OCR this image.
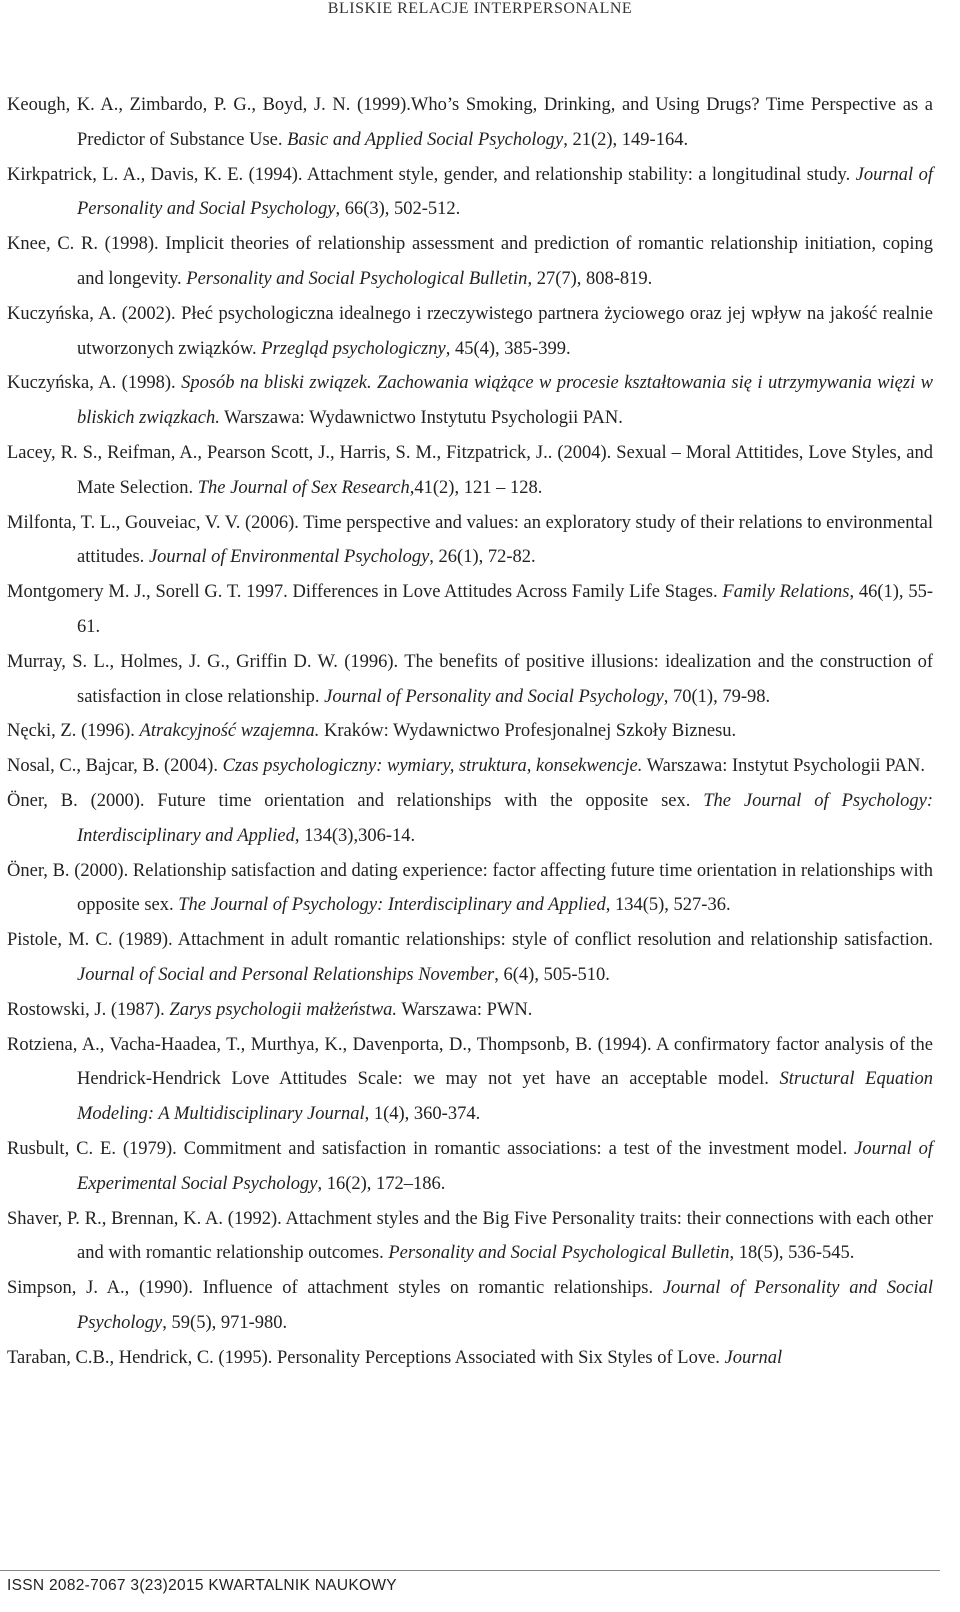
BLISKIE RELACJE INTERPERSONALNE

Keough, K. A., Zimbardo, P. G., Boyd, J. N. (1999).Who’s Smoking, Drinking, and Using Drugs? Time Perspective as a Predictor of Substance Use. Basic and Applied Social Psychology, 21(2), 149-164.

Kirkpatrick, L. A., Davis, K. E. (1994). Attachment style, gender, and relationship stability: a longitudinal study. Journal of Personality and Social Psychology, 66(3), 502-512.

Knee, C. R. (1998). Implicit theories of relationship assessment and prediction of romantic relationship initiation, coping and longevity. Personality and Social Psychological Bulletin, 27(7), 808-819.

Kuczyńska, A. (2002). Płeć psychologiczna idealnego i rzeczywistego partnera życiowego oraz jej wpływ na jakość realnie utworzonych związków. Przegląd psychologiczny, 45(4), 385-399.

Kuczyńska, A. (1998). Sposób na bliski związek. Zachowania wiążące w procesie kształtowania się i utrzymywania więzi w bliskich związkach. Warszawa: Wydawnictwo Instytutu Psychologii PAN.

Lacey, R. S., Reifman, A., Pearson Scott, J., Harris, S. M., Fitzpatrick, J.. (2004). Sexual – Moral Attitides, Love Styles, and Mate Selection. The Journal of Sex Research,41(2), 121 – 128.

Milfonta, T. L., Gouveiac, V. V. (2006). Time perspective and values: an exploratory study of their relations to environmental attitudes. Journal of Environmental Psychology, 26(1), 72-82.

Montgomery M. J., Sorell G. T. 1997. Differences in Love Attitudes Across Family Life Stages. Family Relations, 46(1), 55-61.

Murray, S. L., Holmes, J. G., Griffin D. W. (1996). The benefits of positive illusions: idealization and the construction of satisfaction in close relationship. Journal of Personality and Social Psychology, 70(1), 79-98.

Nęcki, Z. (1996). Atrakcyjność wzajemna. Kraków: Wydawnictwo Profesjonalnej Szkoły Biznesu.

Nosal, C., Bajcar, B. (2004). Czas psychologiczny: wymiary, struktura, konsekwencje. Warszawa: Instytut Psychologii PAN.

Öner, B. (2000). Future time orientation and relationships with the opposite sex. The Journal of Psychology: Interdisciplinary and Applied, 134(3),306-14.

Öner, B. (2000). Relationship satisfaction and dating experience: factor affecting future time orientation in relationships with opposite sex. The Journal of Psychology: Interdisciplinary and Applied, 134(5), 527-36.

Pistole, M. C. (1989). Attachment in adult romantic relationships: style of conflict resolution and relationship satisfaction. Journal of Social and Personal Relationships November, 6(4), 505-510.

Rostowski, J. (1987). Zarys psychologii małżeństwa. Warszawa: PWN.

Rotziena, A., Vacha-Haadea, T., Murthya, K., Davenporta, D., Thompsonb, B. (1994). A confirmatory factor analysis of the Hendrick-Hendrick Love Attitudes Scale: we may not yet have an acceptable model. Structural Equation Modeling: A Multidisciplinary Journal, 1(4), 360-374.

Rusbult, C. E. (1979). Commitment and satisfaction in romantic associations: a test of the investment model. Journal of Experimental Social Psychology, 16(2), 172–186.

Shaver, P. R., Brennan, K. A. (1992). Attachment styles and the Big Five Personality traits: their connections with each other and with romantic relationship outcomes. Personality and Social Psychological Bulletin, 18(5), 536-545.

Simpson, J. A., (1990). Influence of attachment styles on romantic relationships. Journal of Personality and Social Psychology, 59(5), 971-980.

Taraban, C.B., Hendrick, C. (1995). Personality Perceptions Associated with Six Styles of Love. Journal

ISSN 2082-7067 3(23)2015 KWARTALNIK NAUKOWY
